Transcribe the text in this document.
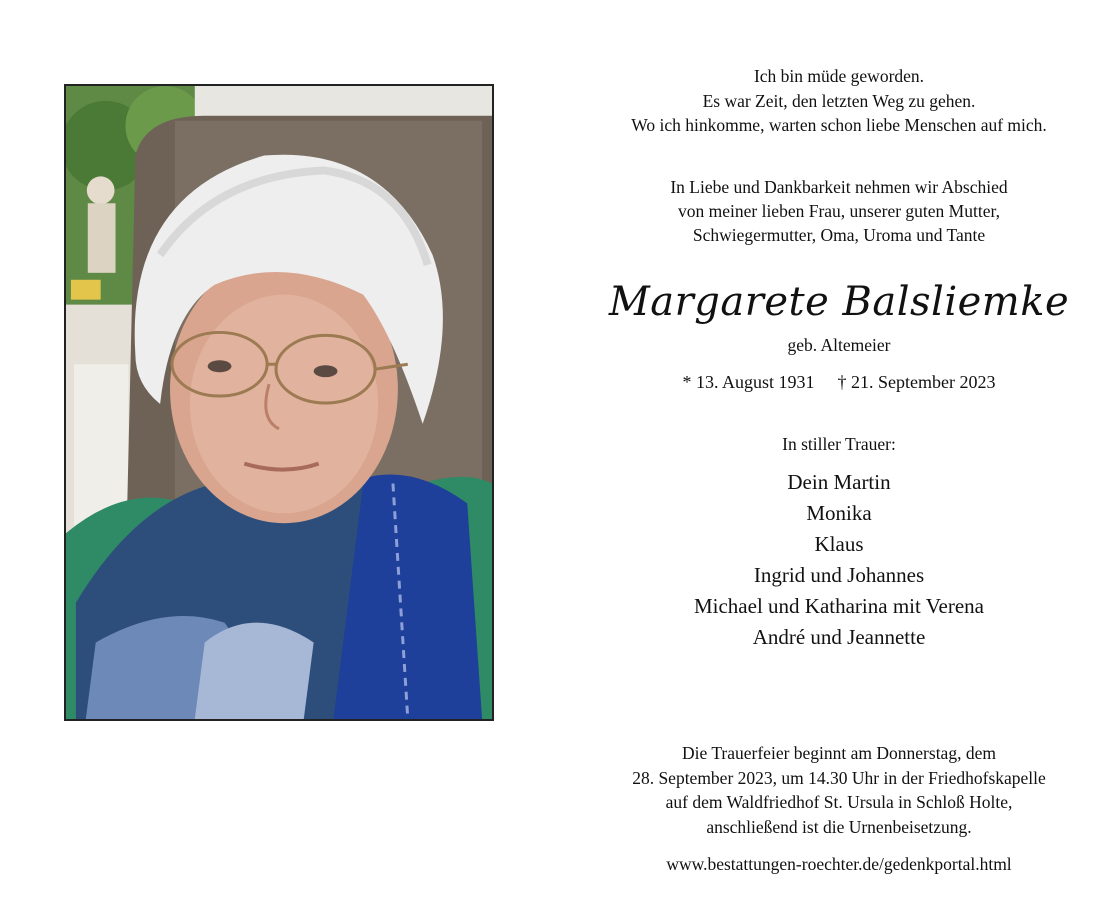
Ich bin müde geworden.
Es war Zeit, den letzten Weg zu gehen.
Wo ich hinkomme, warten schon liebe Menschen auf mich.
In Liebe und Dankbarkeit nehmen wir Abschied
von meiner lieben Frau, unserer guten Mutter,
Schwiegermutter, Oma, Uroma und Tante
Margarete Balsliemke
geb. Altemeier
* 13. August 1931 † 21. September 2023
In stiller Trauer:
Dein Martin
Monika
Klaus
Ingrid und Johannes
Michael und Katharina mit Verena
André und Jeannette
Die Trauerfeier beginnt am Donnerstag, dem
28. September 2023, um 14.30 Uhr in der Friedhofskapelle
auf dem Waldfriedhof St. Ursula in Schloß Holte,
anschließend ist die Urnenbeisetzung.
www.bestattungen-roechter.de/gedenkportal.html
